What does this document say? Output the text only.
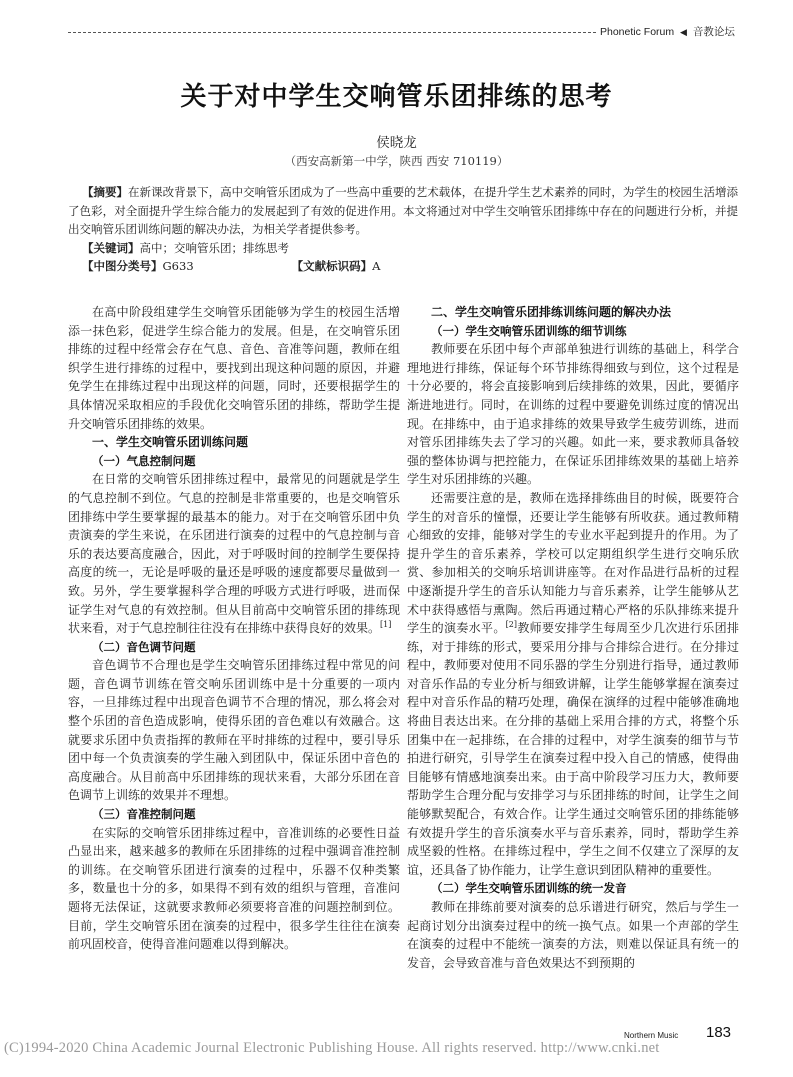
Phonetic Forum ◀ 音教论坛
关于对中学生交响管乐团排练的思考
侯晓龙
（西安高新第一中学，陕西 西安 710119）

【摘要】在新课改背景下，高中交响管乐团成为了一些高中重要的艺术载体，在提升学生艺术素养的同时，为学生的校园生活增添了色彩，对全面提升学生综合能力的发展起到了有效的促进作用。本文将通过对中学生交响管乐团排练中存在的问题进行分析，并提出交响管乐团训练问题的解决办法，为相关学者提供参考。

【关键词】高中；交响管乐团；排练思考

【中图分类号】G633	【文献标识码】A

在高中阶段组建学生交响管乐团能够为学生的校园生活增添一抹色彩，促进学生综合能力的发展。但是，在交响管乐团排练的过程中经常会存在气息、音色、音准等问题，教师在组织学生进行排练的过程中，要找到出现这种问题的原因，并避免学生在排练过程中出现这样的问题，同时，还要根据学生的具体情况采取相应的手段优化交响管乐团的排练，帮助学生提升交响管乐团排练的效果。

一、学生交响管乐团训练问题
（一）气息控制问题

在日常的交响管乐团排练过程中，最常见的问题就是学生的气息控制不到位。气息的控制是非常重要的，也是交响管乐团排练中学生要掌握的最基本的能力。对于在交响管乐团中负责演奏的学生来说，在乐团进行演奏的过程中的气息控制与音乐的表达要高度融合，因此，对于呼吸时间的控制学生要保持高度的统一，无论是呼吸的量还是呼吸的速度都要尽量做到一致。另外，学生要掌握科学合理的呼吸方式进行呼吸，进而保证学生对气息的有效控制。但从目前高中交响管乐团的排练现状来看，对于气息控制往往没有在排练中获得良好的效果。[1]

（二）音色调节问题

音色调节不合理也是学生交响管乐团排练过程中常见的问题，音色调节训练在管交响乐团训练中是十分重要的一项内容，一旦排练过程中出现音色调节不合理的情况，那么将会对整个乐团的音色造成影响，使得乐团的音色难以有效融合。这就要求乐团中负责指挥的教师在平时排练的过程中，要引导乐团中每一个负责演奏的学生融入到团队中，保证乐团中音色的高度融合。从目前高中乐团排练的现状来看，大部分乐团在音色调节上训练的效果并不理想。

（三）音准控制问题

在实际的交响管乐团排练过程中，音准训练的必要性日益凸显出来，越来越多的教师在乐团排练的过程中强调音准控制的训练。在交响管乐团进行演奏的过程中，乐器不仅种类繁多，数量也十分的多，如果得不到有效的组织与管理，音准问题将无法保证，这就要求教师必须要将音准的问题控制到位。目前，学生交响管乐团在演奏的过程中，很多学生往往在演奏前巩固校音，使得音准问题难以得到解决。

二、学生交响管乐团排练训练问题的解决办法
（一）学生交响管乐团训练的细节训练

教师要在乐团中每个声部单独进行训练的基础上，科学合理地进行排练，保证每个环节排练得细致与到位，这个过程是十分必要的，将会直接影响到后续排练的效果，因此，要循序渐进地进行。同时，在训练的过程中要避免训练过度的情况出现。在排练中，由于追求排练的效果导致学生疲劳训练，进而对管乐团排练失去了学习的兴趣。如此一来，要求教师具备较强的整体协调与把控能力，在保证乐团排练效果的基础上培养学生对乐团排练的兴趣。

还需要注意的是，教师在选择排练曲目的时候，既要符合学生的对音乐的憧憬，还要让学生能够有所收获。通过教师精心细致的安排，能够对学生的专业水平起到提升的作用。为了提升学生的音乐素养，学校可以定期组织学生进行交响乐欣赏、参加相关的交响乐培训讲座等。在对作品进行品析的过程中逐渐提升学生的音乐认知能力与音乐素养，让学生能够从艺术中获得感悟与熏陶。然后再通过精心严格的乐队排练来提升学生的演奏水平。[2]教师要安排学生每周至少几次进行乐团排练，对于排练的形式，要采用分排与合排综合进行。在分排过程中，教师要对使用不同乐器的学生分别进行指导，通过教师对音乐作品的专业分析与细致讲解，让学生能够掌握在演奏过程中对音乐作品的精巧处理，确保在演绎的过程中能够准确地将曲目表达出来。在分排的基础上采用合排的方式，将整个乐团集中在一起排练，在合排的过程中，对学生演奏的细节与节拍进行研究，引导学生在演奏过程中投入自己的情感，使得曲目能够有情感地演奏出来。由于高中阶段学习压力大，教师要帮助学生合理分配与安排学习与乐团排练的时间，让学生之间能够默契配合，有效合作。让学生通过交响管乐团的排练能够有效提升学生的音乐演奏水平与音乐素养，同时，帮助学生养成坚毅的性格。在排练过程中，学生之间不仅建立了深厚的友谊，还具备了协作能力，让学生意识到团队精神的重要性。

（二）学生交响管乐团训练的统一发音

教师在排练前要对演奏的总乐谱进行研究，然后与学生一起商讨划分出演奏过程中的统一换气点。如果一个声部的学生在演奏的过程中不能统一演奏的方法，则难以保证具有统一的发音，会导致音准与音色效果达不到预期的

Northern Music 183
(C)1994-2020 China Academic Journal Electronic Publishing House. All rights reserved. http://www.cnki.net
